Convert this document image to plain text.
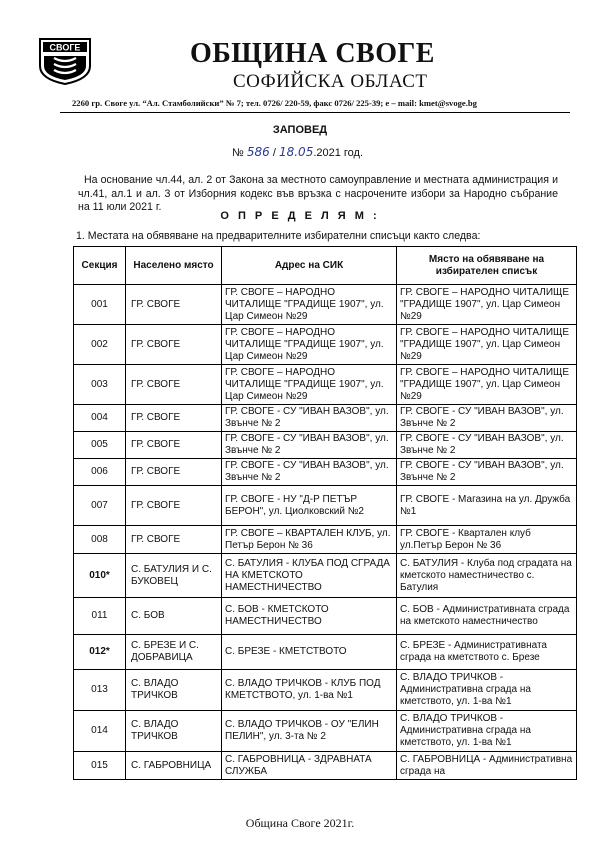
СВОГЕ	ОБЩИНА СВОГЕ
СОФИЙСКА ОБЛАСТ
2260 гр. Своге ул. “Ал. Стамболийски” № 7; тел. 0726/ 220-59, факс 0726/ 225-39; e – mail: kmet@svoge.bg
ЗАПОВЕД
№ 586 / 18.05.2021 год.
На основание чл.44, ал. 2 от Закона за местното самоуправление и местната администрация и чл.41, ал.1 и ал. 3 от Изборния кодекс във връзка с насрочените избори за Народно събрание на 11 юли 2021 г.
О П Р Е Д Е Л Я М :
1. Местата на обявяване на предварителните избирателни списъци както следва:
Секция	Населено място	Адрес на СИК	Място на обявяване на избирателен списък
001	ГР. СВОГЕ	ГР. СВОГЕ – НАРОДНО ЧИТАЛИЩЕ "ГРАДИЩЕ 1907", ул. Цар Симеон №29	ГР. СВОГЕ – НАРОДНО ЧИТАЛИЩЕ "ГРАДИЩЕ 1907", ул. Цар Симеон №29
002	ГР. СВОГЕ	ГР. СВОГЕ – НАРОДНО ЧИТАЛИЩЕ "ГРАДИЩЕ 1907", ул. Цар Симеон №29	ГР. СВОГЕ – НАРОДНО ЧИТАЛИЩЕ "ГРАДИЩЕ 1907", ул. Цар Симеон №29
003	ГР. СВОГЕ	ГР. СВОГЕ – НАРОДНО ЧИТАЛИЩЕ "ГРАДИЩЕ 1907", ул. Цар Симеон №29	ГР. СВОГЕ – НАРОДНО ЧИТАЛИЩЕ "ГРАДИЩЕ 1907", ул. Цар Симеон №29
004	ГР. СВОГЕ	ГР. СВОГЕ - СУ "ИВАН ВАЗОВ", ул. Звънче № 2	ГР. СВОГЕ - СУ "ИВАН ВАЗОВ", ул. Звънче № 2
005	ГР. СВОГЕ	ГР. СВОГЕ - СУ "ИВАН ВАЗОВ", ул. Звънче № 2	ГР. СВОГЕ - СУ "ИВАН ВАЗОВ", ул. Звънче № 2
006	ГР. СВОГЕ	ГР. СВОГЕ - СУ "ИВАН ВАЗОВ", ул. Звънче № 2	ГР. СВОГЕ - СУ "ИВАН ВАЗОВ", ул. Звънче № 2
007	ГР. СВОГЕ	ГР. СВОГЕ - НУ "Д-Р ПЕТЪР БЕРОН", ул. Циолковский №2	ГР. СВОГЕ - Магазина на ул. Дружба №1
008	ГР. СВОГЕ	ГР. СВОГЕ – КВАРТАЛЕН КЛУБ, ул. Петър Берон № 36	ГР. СВОГЕ - Квартален клуб ул.Петър Берон № 36
010*	С. БАТУЛИЯ И С. БУКОВЕЦ	С. БАТУЛИЯ - КЛУБА ПОД СГРАДА НА КМЕТСКОТО НАМЕСТНИЧЕСТВО	С. БАТУЛИЯ - Клуба под сградата на кметското наместничество с. Батулия
011	С. БОВ	С. БОВ - КМЕТСКОТО НАМЕСТНИЧЕСТВО	С. БОВ - Административната сграда на кметското наместничество
012*	С. БРЕЗЕ И С. ДОБРАВИЦА	С. БРЕЗЕ - КМЕТСТВОТО	С. БРЕЗЕ - Административната сграда на кметството с. Брезе
013	С. ВЛАДО ТРИЧКОВ	С. ВЛАДО ТРИЧКОВ - КЛУБ ПОД КМЕТСТВОТО, ул. 1-ва №1	С. ВЛАДО ТРИЧКОВ - Административна сграда на кметството, ул. 1-ва №1
014	С. ВЛАДО ТРИЧКОВ	С. ВЛАДО ТРИЧКОВ - ОУ "ЕЛИН ПЕЛИН", ул. 3-та № 2	С. ВЛАДО ТРИЧКОВ - Административна сграда на кметството, ул. 1-ва №1
015	С. ГАБРОВНИЦА	С. ГАБРОВНИЦА - ЗДРАВНАТА СЛУЖБА	С. ГАБРОВНИЦА - Административна сграда на
Община Своге 2021г.
